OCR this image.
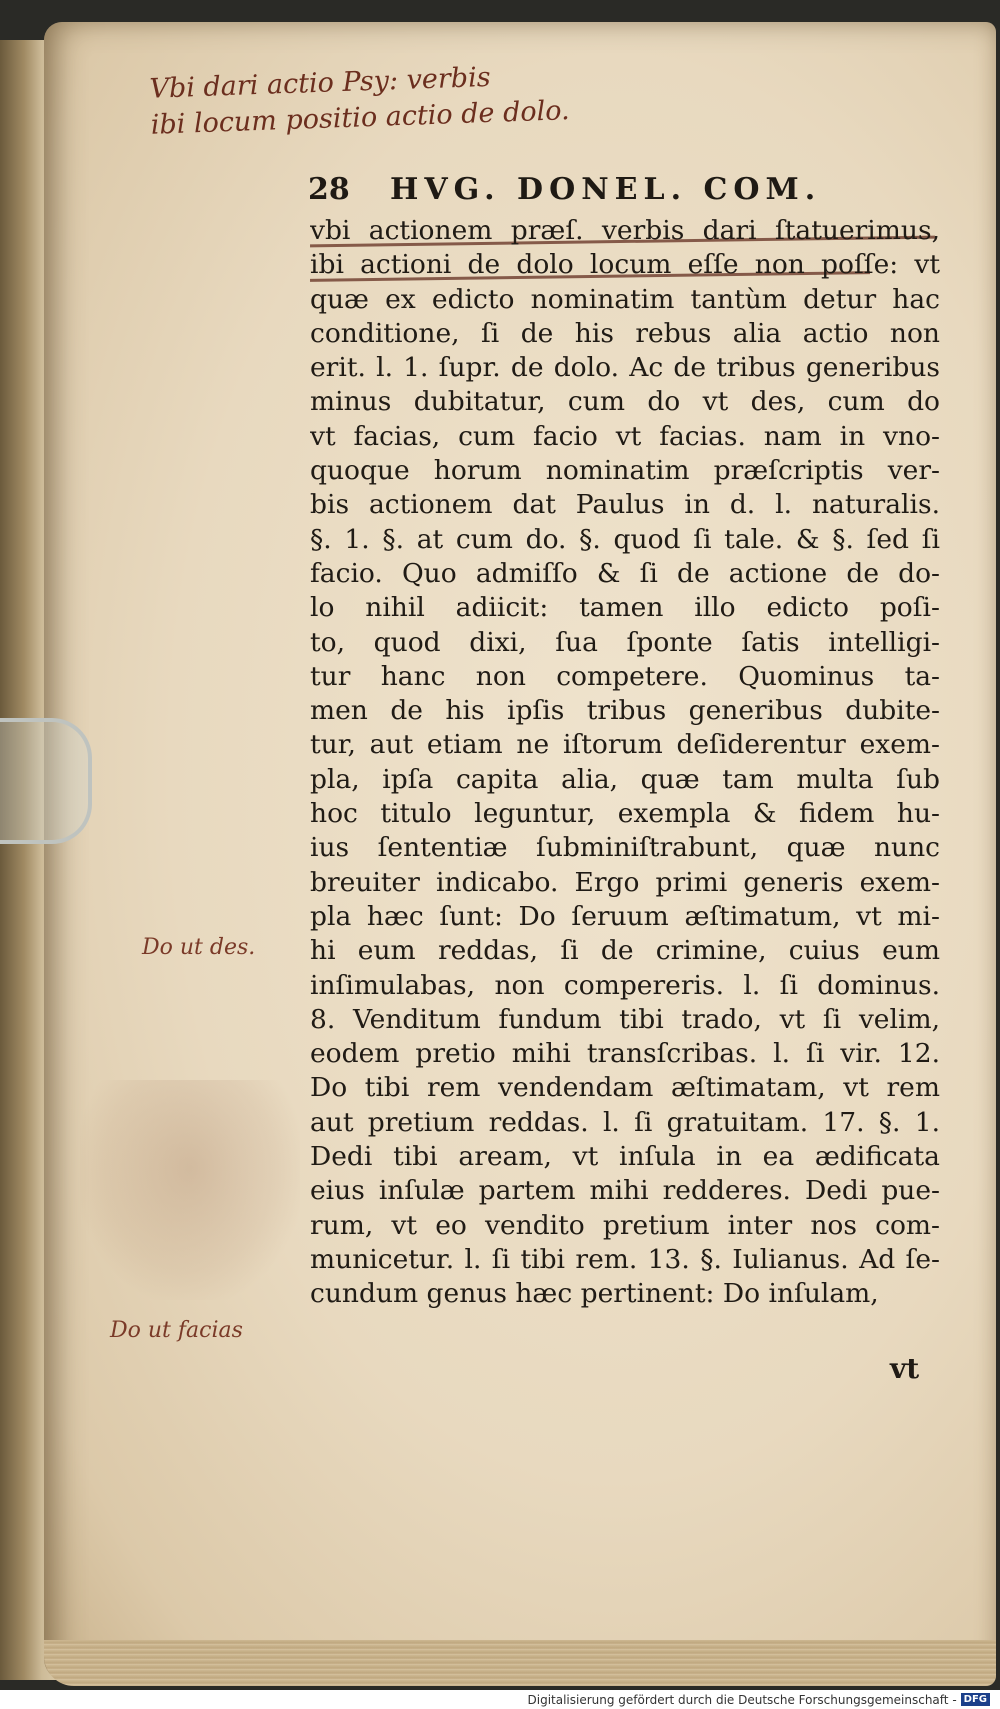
Vbi dari actio Psy: verbis
ibi locum positio actio de dolo.
Do ut des.
Do ut facias
28	HVG. DONEL. COM.
vbi actionem præſ. verbis dari ſtatuerimus,
ibi actioni de dolo locum eſſe non poſſe: vt
quæ ex edicto nominatim tantùm detur hac
conditione, ſi de his rebus alia actio non
erit. l. 1. ſupr. de dolo. Ac de tribus generibus
minus dubitatur, cum do vt des, cum do
vt facias, cum facio vt facias. nam in vno-
quoque horum nominatim præſcriptis ver-
bis actionem dat Paulus in d. l. naturalis.
§. 1. §. at cum do. §. quod ſi tale. & §. ſed ſi
facio. Quo admiſſo & ſi de actione de do-
lo nihil adiicit: tamen illo edicto poſi-
to, quod dixi, ſua ſponte ſatis intelligi-
tur hanc non competere. Quominus ta-
men de his ipſis tribus generibus dubite-
tur, aut etiam ne iſtorum deſiderentur exem-
pla, ipſa capita alia, quæ tam multa ſub
hoc titulo leguntur, exempla & fidem hu-
ius ſententiæ ſubminiſtrabunt, quæ nunc
breuiter indicabo. Ergo primi generis exem-
pla hæc ſunt: Do ſeruum æſtimatum, vt mi-
hi eum reddas, ſi de crimine, cuius eum
inſimulabas, non compereris. l. ſi dominus.
8. Venditum fundum tibi trado, vt ſi velim,
eodem pretio mihi transſcribas. l. ſi vir. 12.
Do tibi rem vendendam æſtimatam, vt rem
aut pretium reddas. l. ſi gratuitam. 17. §. 1.
Dedi tibi aream, vt inſula in ea ædificata
eius inſulæ partem mihi redderes. Dedi pue-
rum, vt eo vendito pretium inter nos com-
municetur. l. ſi tibi rem. 13. §. Iulianus. Ad ſe-
cundum genus hæc pertinent: Do inſulam,
vt
Digitalisierung gefördert durch die Deutsche Forschungsgemeinschaft - DFG
